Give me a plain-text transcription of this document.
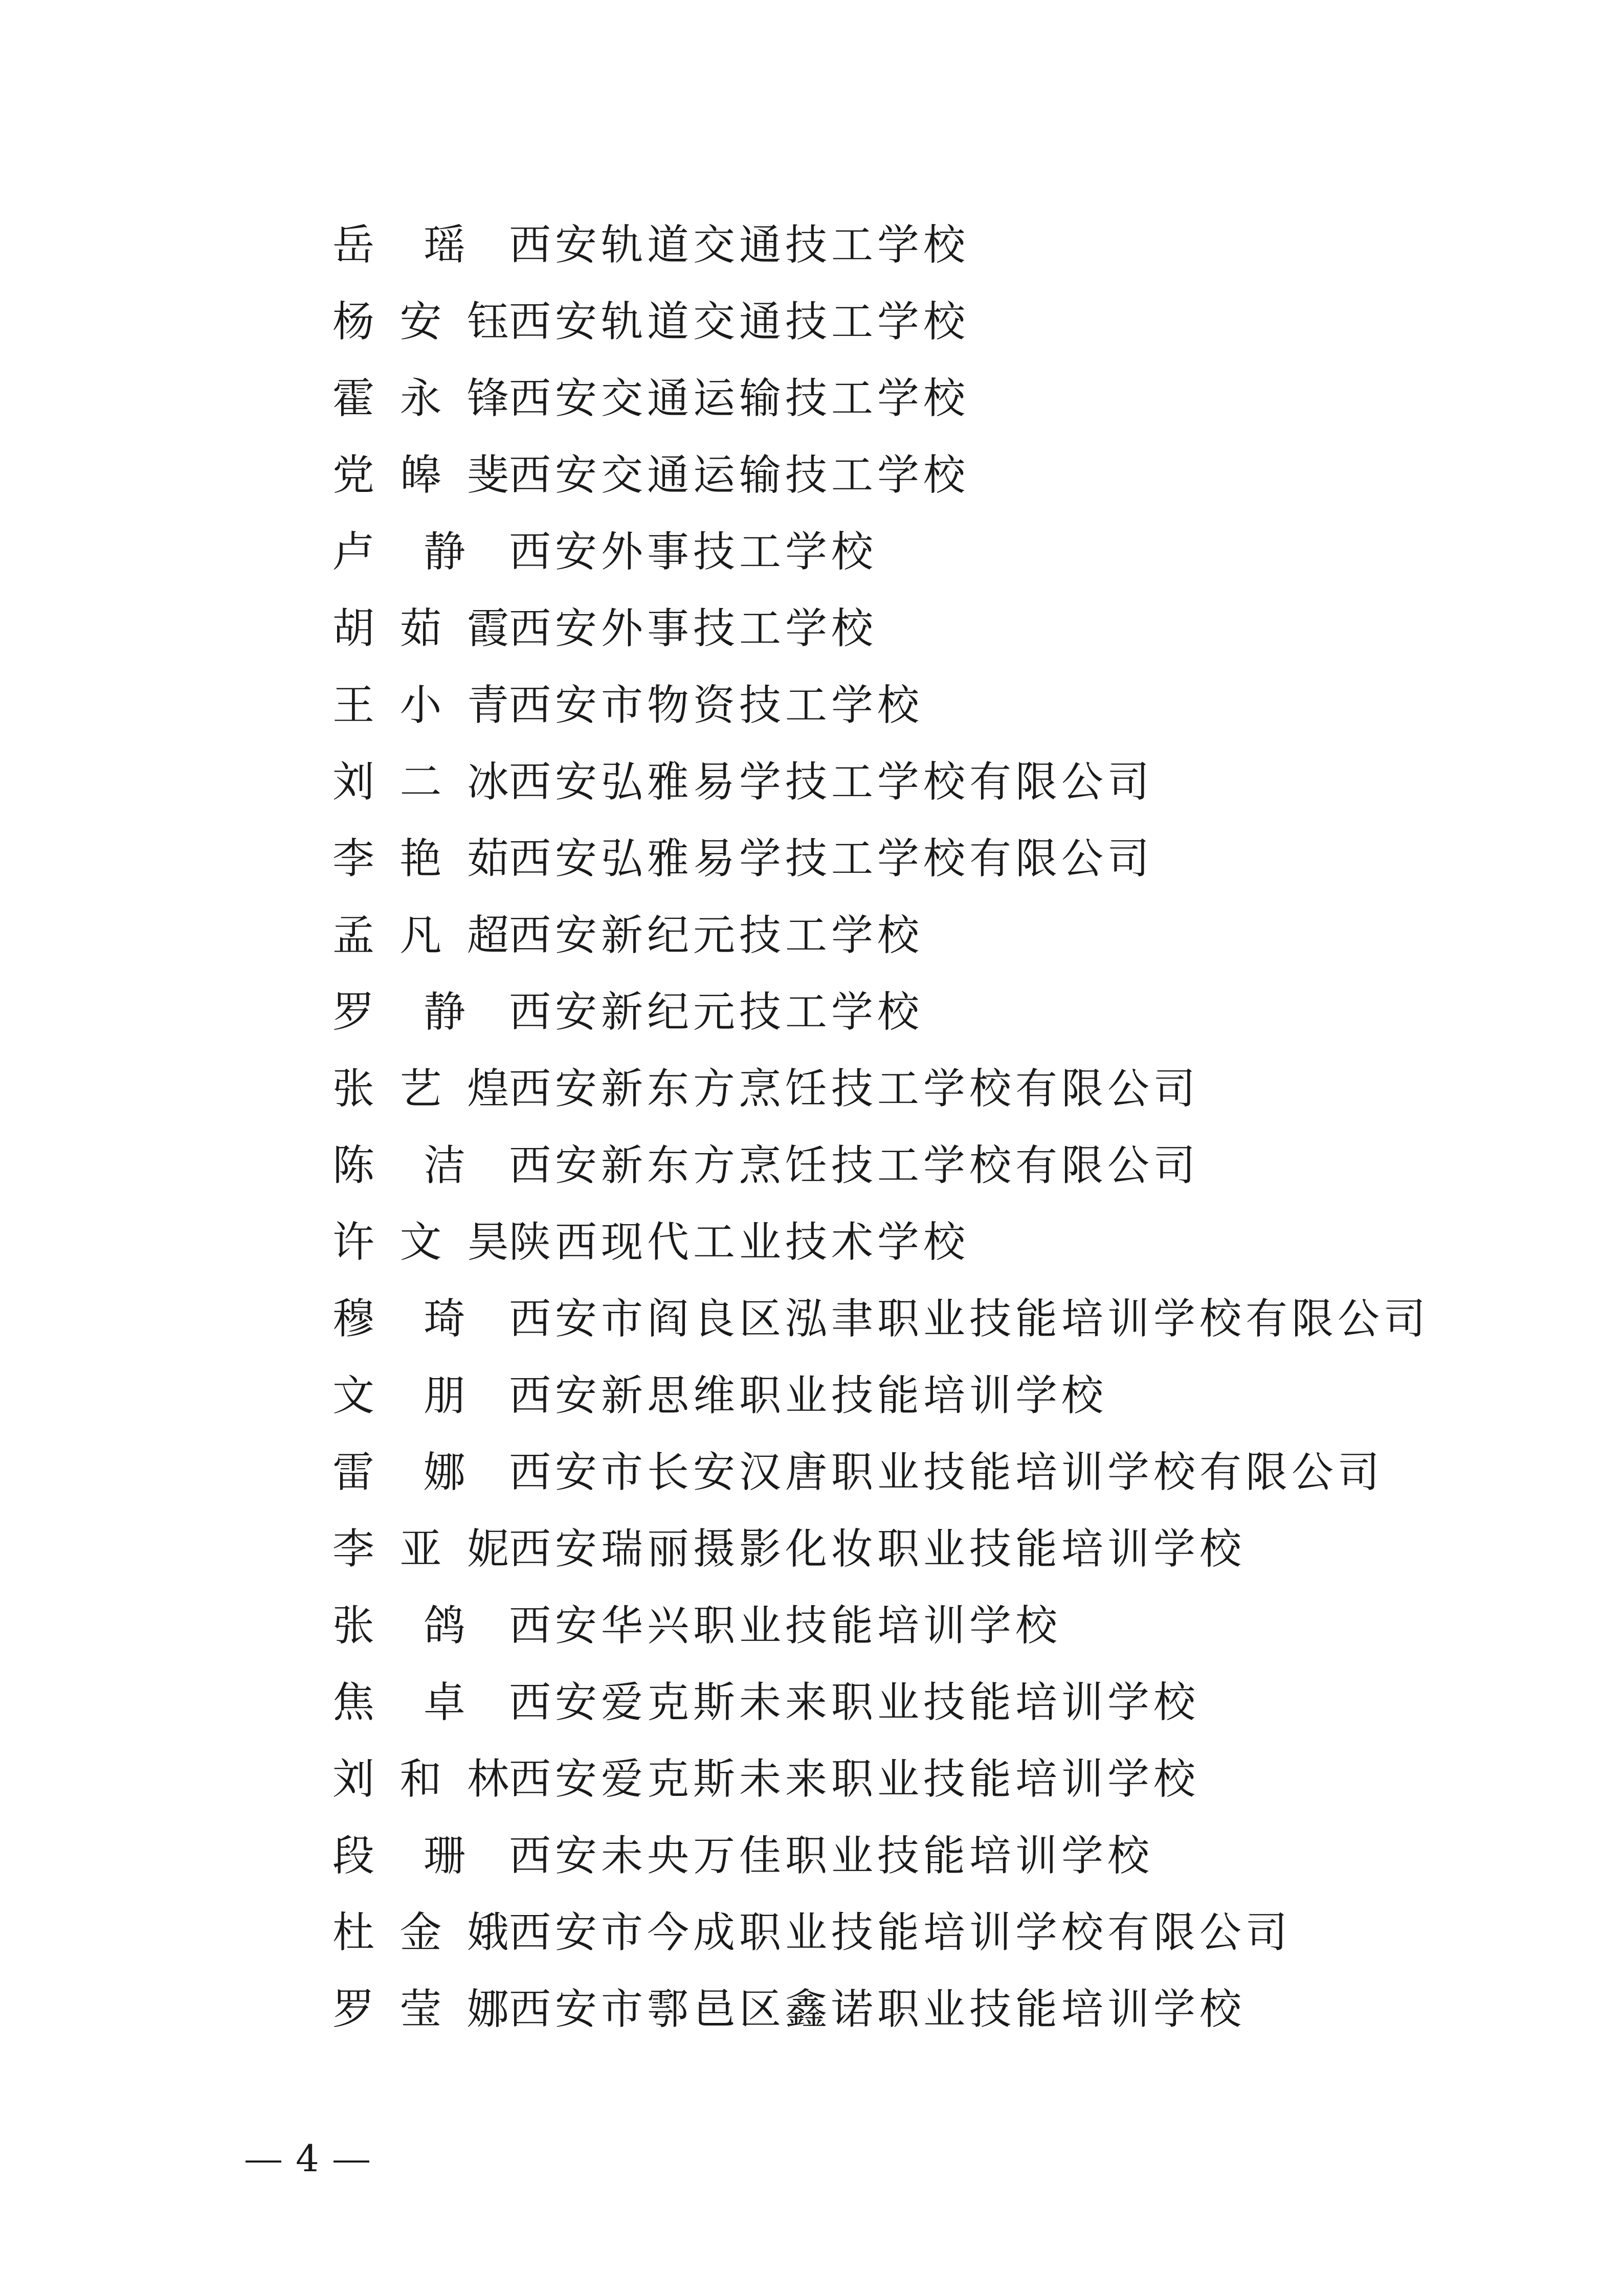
岳瑶 西安轨道交通技工学校
杨安钰 西安轨道交通技工学校
霍永锋 西安交通运输技工学校
党皞斐 西安交通运输技工学校
卢静 西安外事技工学校
胡茹霞 西安外事技工学校
王小青 西安市物资技工学校
刘二冰 西安弘雅易学技工学校有限公司
李艳茹 西安弘雅易学技工学校有限公司
孟凡超 西安新纪元技工学校
罗静 西安新纪元技工学校
张艺煌 西安新东方烹饪技工学校有限公司
陈洁 西安新东方烹饪技工学校有限公司
许文昊 陕西现代工业技术学校
穆琦 西安市阎良区泓聿职业技能培训学校有限公司
文朋 西安新思维职业技能培训学校
雷娜 西安市长安汉唐职业技能培训学校有限公司
李亚妮 西安瑞丽摄影化妆职业技能培训学校
张鸽 西安华兴职业技能培训学校
焦卓 西安爱克斯未来职业技能培训学校
刘和林 西安爱克斯未来职业技能培训学校
段珊 西安未央万佳职业技能培训学校
杜金娥 西安市今成职业技能培训学校有限公司
罗莹娜 西安市鄠邑区鑫诺职业技能培训学校
4
